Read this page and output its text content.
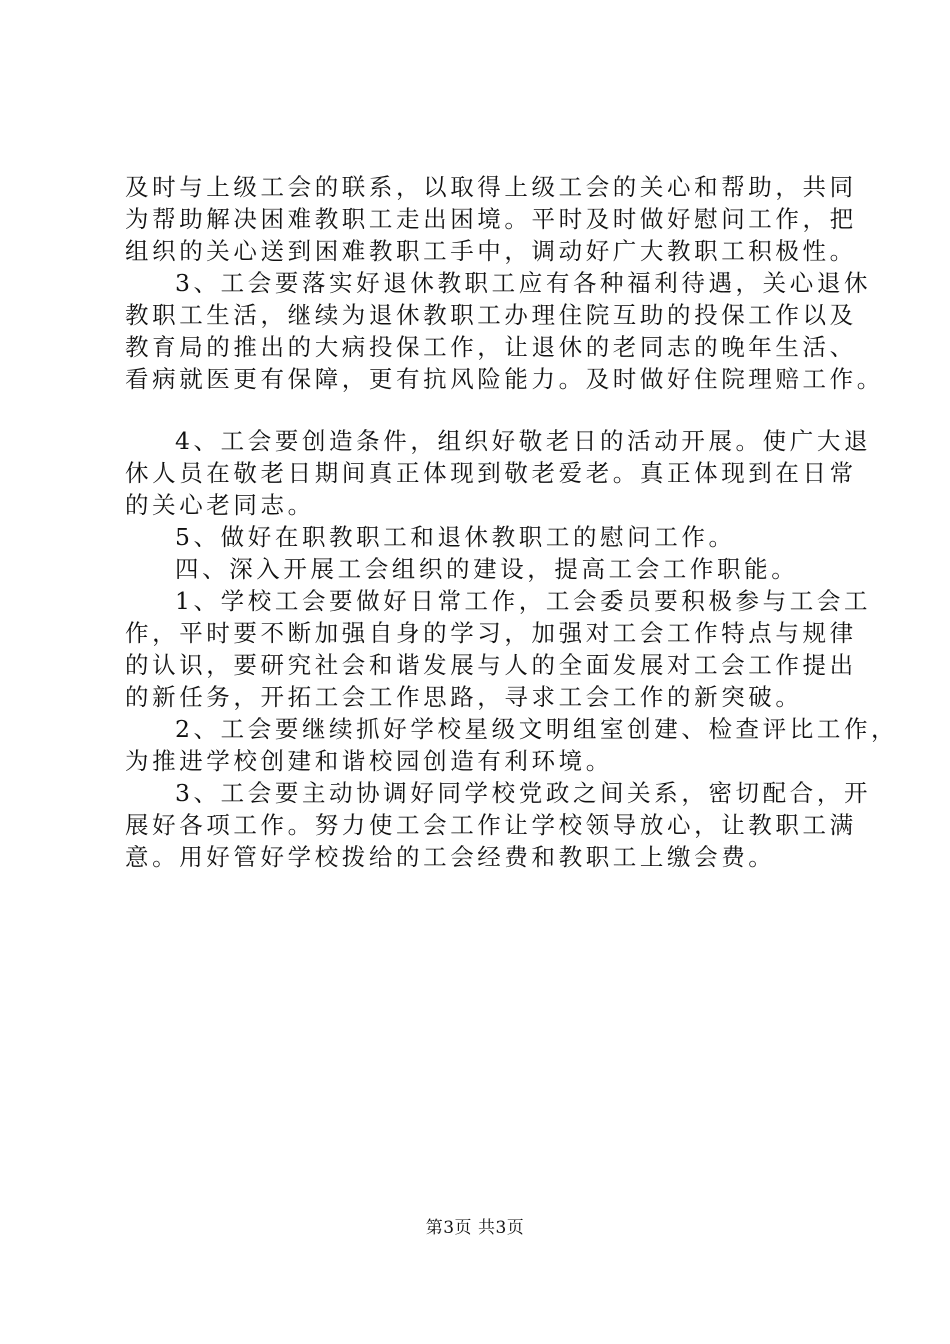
及时与上级工会的联系，以取得上级工会的关心和帮助，共同
为帮助解决困难教职工走出困境。平时及时做好慰问工作，把
组织的关心送到困难教职工手中，调动好广大教职工积极性。
3、工会要落实好退休教职工应有各种福利待遇，关心退休
教职工生活，继续为退休教职工办理住院互助的投保工作以及
教育局的推出的大病投保工作，让退休的老同志的晚年生活、
看病就医更有保障，更有抗风险能力。及时做好住院理赔工作。
4、工会要创造条件，组织好敬老日的活动开展。使广大退
休人员在敬老日期间真正体现到敬老爱老。真正体现到在日常
的关心老同志。
5、做好在职教职工和退休教职工的慰问工作。
四、深入开展工会组织的建设，提高工会工作职能。
1、学校工会要做好日常工作，工会委员要积极参与工会工
作，平时要不断加强自身的学习，加强对工会工作特点与规律
的认识，要研究社会和谐发展与人的全面发展对工会工作提出
的新任务，开拓工会工作思路，寻求工会工作的新突破。
2、工会要继续抓好学校星级文明组室创建、检查评比工作，
为推进学校创建和谐校园创造有利环境。
3、工会要主动协调好同学校党政之间关系，密切配合，开
展好各项工作。努力使工会工作让学校领导放心，让教职工满
意。用好管好学校拨给的工会经费和教职工上缴会费。
第3页 共3页
